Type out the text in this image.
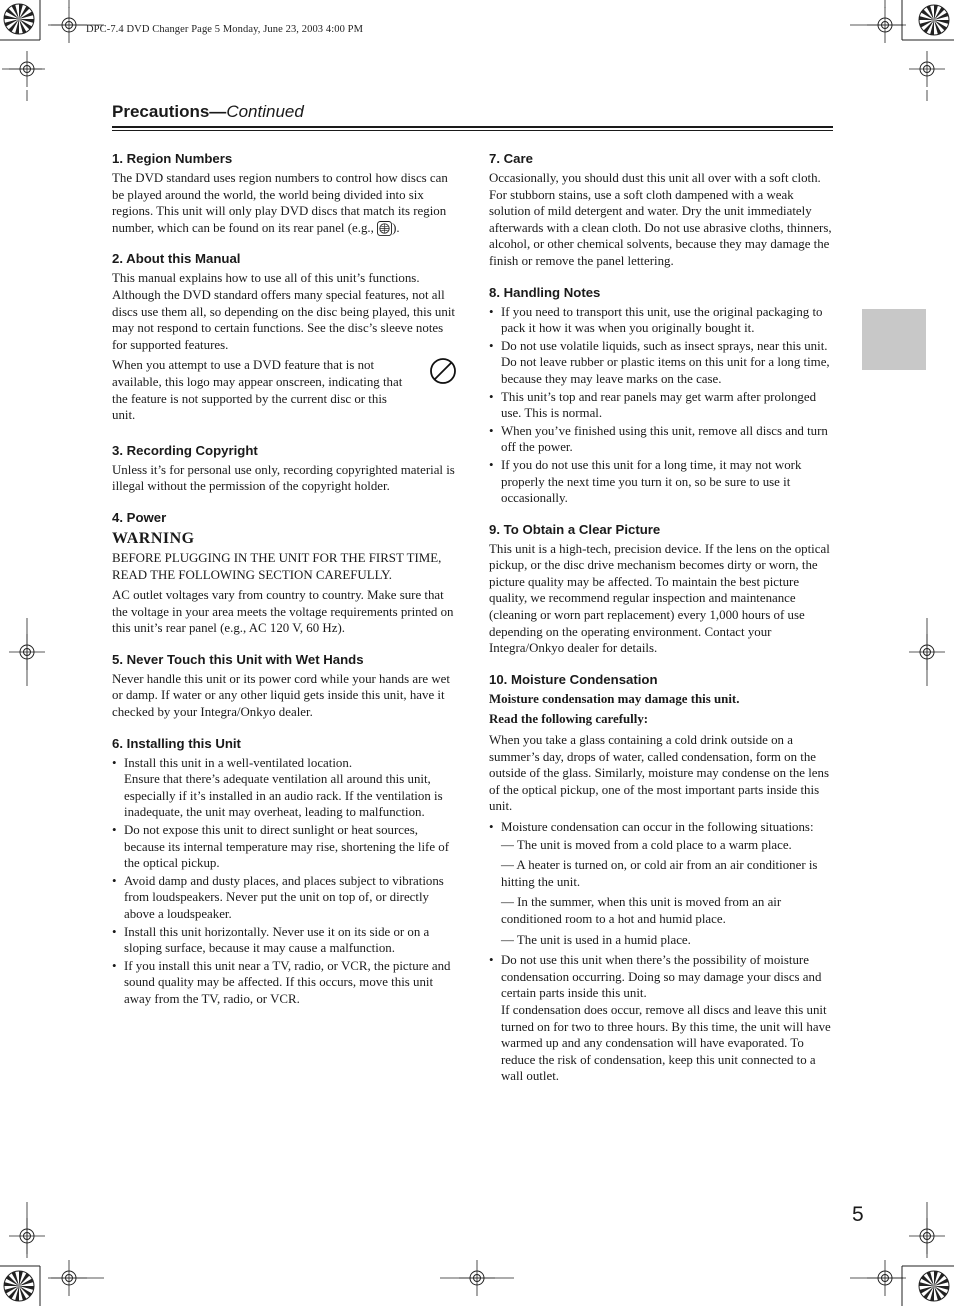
DPC-7.4 DVD Changer Page 5 Monday, June 23, 2003 4:00 PM
Precautions—Continued
1. Region Numbers
The DVD standard uses region numbers to control how discs can be played around the world, the world being divided into six regions. This unit will only play DVD discs that match its region number, which can be found on its rear panel (e.g., ).
2. About this Manual
This manual explains how to use all of this unit’s functions. Although the DVD standard offers many special features, not all discs use them all, so depending on the disc being played, this unit may not respond to certain functions. See the disc’s sleeve notes for supported features.
When you attempt to use a DVD feature that is not available, this logo may appear onscreen, indicating that the feature is not supported by the current disc or this unit.
3. Recording Copyright
Unless it’s for personal use only, recording copyrighted material is illegal without the permission of the copyright holder.
4. Power
WARNING
BEFORE PLUGGING IN THE UNIT FOR THE FIRST TIME, READ THE FOLLOWING SECTION CAREFULLY.
AC outlet voltages vary from country to country. Make sure that the voltage in your area meets the voltage requirements printed on this unit’s rear panel (e.g., AC 120 V, 60 Hz).
5. Never Touch this Unit with Wet Hands
Never handle this unit or its power cord while your hands are wet or damp. If water or any other liquid gets inside this unit, have it checked by your Integra/Onkyo dealer.
6. Installing this Unit
• Install this unit in a well-ventilated location.
Ensure that there’s adequate ventilation all around this unit, especially if it’s installed in an audio rack. If the ventilation is inadequate, the unit may overheat, leading to malfunction.
• Do not expose this unit to direct sunlight or heat sources, because its internal temperature may rise, shortening the life of the optical pickup.
• Avoid damp and dusty places, and places subject to vibrations from loudspeakers. Never put the unit on top of, or directly above a loudspeaker.
• Install this unit horizontally. Never use it on its side or on a sloping surface, because it may cause a malfunction.
• If you install this unit near a TV, radio, or VCR, the picture and sound quality may be affected. If this occurs, move this unit away from the TV, radio, or VCR.
7. Care
Occasionally, you should dust this unit all over with a soft cloth. For stubborn stains, use a soft cloth dampened with a weak solution of mild detergent and water. Dry the unit immediately afterwards with a clean cloth. Do not use abrasive cloths, thinners, alcohol, or other chemical solvents, because they may damage the finish or remove the panel lettering.
8. Handling Notes
• If you need to transport this unit, use the original packaging to pack it how it was when you originally bought it.
• Do not use volatile liquids, such as insect sprays, near this unit. Do not leave rubber or plastic items on this unit for a long time, because they may leave marks on the case.
• This unit’s top and rear panels may get warm after prolonged use. This is normal.
• When you’ve finished using this unit, remove all discs and turn off the power.
• If you do not use this unit for a long time, it may not work properly the next time you turn it on, so be sure to use it occasionally.
9. To Obtain a Clear Picture
This unit is a high-tech, precision device. If the lens on the optical pickup, or the disc drive mechanism becomes dirty or worn, the picture quality may be affected. To maintain the best picture quality, we recommend regular inspection and maintenance (cleaning or worn part replacement) every 1,000 hours of use depending on the operating environment. Contact your Integra/Onkyo dealer for details.
10. Moisture Condensation
Moisture condensation may damage this unit.
Read the following carefully:
When you take a glass containing a cold drink outside on a summer’s day, drops of water, called condensation, form on the outside of the glass. Similarly, moisture may condense on the lens of the optical pickup, one of the most important parts inside this unit.
• Moisture condensation can occur in the following situations:
— The unit is moved from a cold place to a warm place.
— A heater is turned on, or cold air from an air conditioner is hitting the unit.
— In the summer, when this unit is moved from an air conditioned room to a hot and humid place.
— The unit is used in a humid place.
• Do not use this unit when there’s the possibility of moisture condensation occurring. Doing so may damage your discs and certain parts inside this unit.
If condensation does occur, remove all discs and leave this unit turned on for two to three hours. By this time, the unit will have warmed up and any condensation will have evaporated. To reduce the risk of condensation, keep this unit connected to a wall outlet.
5
